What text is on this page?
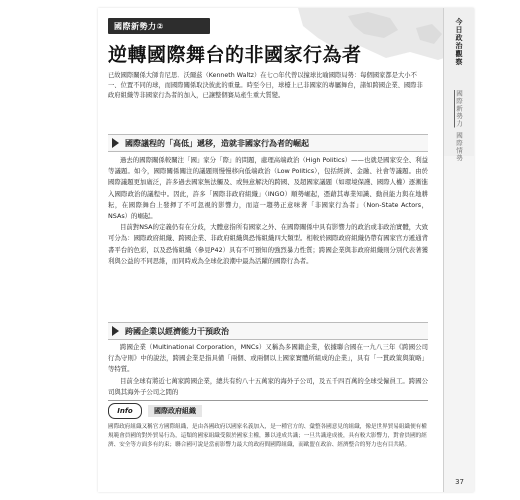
今日政治觀察
國際新勢力
國際情勢
國際新勢力②
逆轉國際舞台的非國家行為者
已故國際關係大師肯尼思．沃爾茲（Kenneth Waltz）在七○年代曾以撞球比喻國際局勢：每個國家都是大小不一、位置不同的球，而國際關係取決彼此的重量。時至今日，球檯上已非國家的專屬舞台，諸如跨國企業、國際非政府組織等非國家行為者的加入，已讓整個賽局產生重大質變。
國際議程的「高低」遞移，造就非國家行為者的崛起

過去的國際關係較關注「國」家分「際」的問題，處理高端政治（High Politics）——也就是國家安全、利益等議題。如今，國際關係關注的議題則慢慢移向低端政治（Low Politics），包括經濟、金融、社會等議題。由於國際議題更加廣泛，許多過去國家無法觸及、或無意解決的跨國、及超國家議題（如環境保護、國際人權）逐漸進入國際政治的議程中。因此，許多「國際非政府組織」（INGO）順勢崛起，憑藉其專業知識、動員能力與在地耕耘，在國際舞台上發揮了不可忽視的影響力，而這一趨勢正意味著「非國家行為者」（Non-State Actors，NSAs）的崛起。

目前對NSA的定義仍有在分歧，大體意指所有國家之外、在國際關係中具有影響力的政治或非政治實體，大致可分為：國際政府組織、跨國企業、非政府組織與恐怖組織四大類型。相較於國際政府組織仍帶有國家官方遞通背書平台的色彩，以及恐怖組織（參見P42）具有不可預知的強烈暴力性質；跨國企業與非政府組織則分別代表著獲利與公益的不同思維，而同時成為全球化浪潮中最為活躍的國際行為者。

跨國企業以經濟能力干預政治

跨國企業（Multinational Corporation，MNCs）又稱為多國籍企業，依據聯合國在一九八三年《跨國公司行為守則》中的說法，跨國企業是指具備「兩個、或兩個以上國家實體所組成的企業」，具有「一貫政策與策略」等特質。

目前全球有將近七萬家跨國企業，總共有約八十五萬家的海外子公司，及五千四百萬的全球受僱員工。跨國公司與其海外子公司之間的

Info	國際政府組織
國際政府組織又稱官方國際組織，是由各國政府以國家名義加入，是一種官方的、彙整各國意見的組織，像是世界貿易組織便有權規範會員國的對外貿易行為，這類的國家組織受限於國家主權，難以達成共識；一旦共識達成後，具有較大影響力，對會員國的經濟、安全等方面多有約束；聯合國可說是當前影響力最大的政府間國際組織，而歐盟在政治、經濟整合的努力也有目共睹。
37
